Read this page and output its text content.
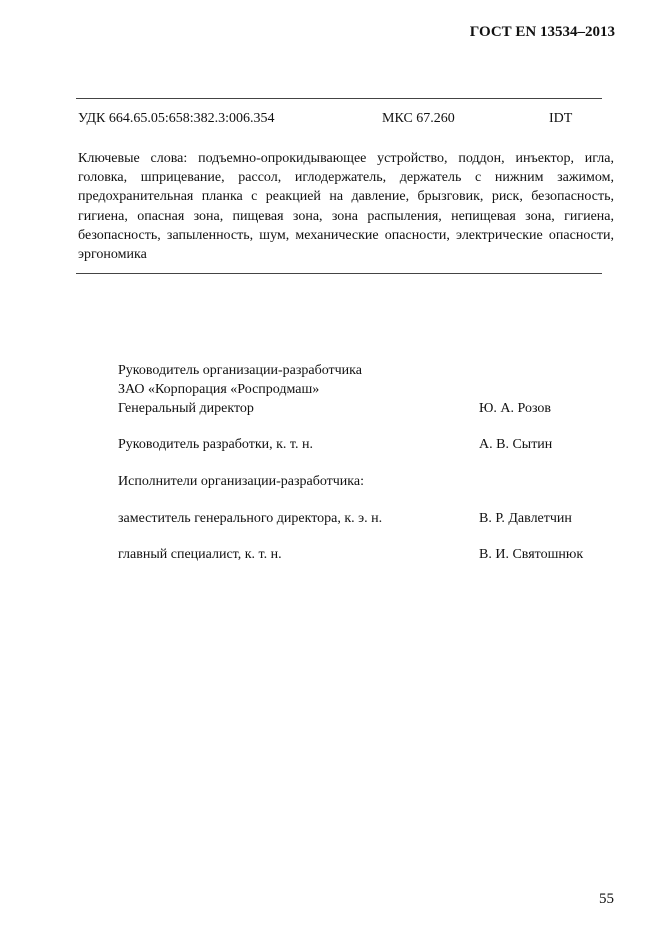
ГОСТ EN 13534–2013
УДК 664.65.05:658:382.3:006.354	МКС 67.260	IDT

Ключевые слова: подъемно-опрокидывающее устройство, поддон, инъектор, игла, головка, шприцевание, рассол, иглодержатель, держатель с нижним зажимом, предохранительная планка с реакцией на давление, брызговик, риск, безопасность, гигиена, опасная зона, пищевая зона, зона распыления, непищевая зона, гигиена, безопасность, запыленность, шум, механические опасности, электрические опасности, эргономика

Руководитель организации-разработчика
ЗАО «Корпорация «Роспродмаш»
Генеральный директор	Ю. А. Розов
Руководитель разработки, к. т. н.	А. В. Сытин
Исполнители организации-разработчика:
заместитель генерального директора, к. э. н.	В. Р. Давлетчин
главный специалист, к. т. н.	В. И. Святошнюк
55
